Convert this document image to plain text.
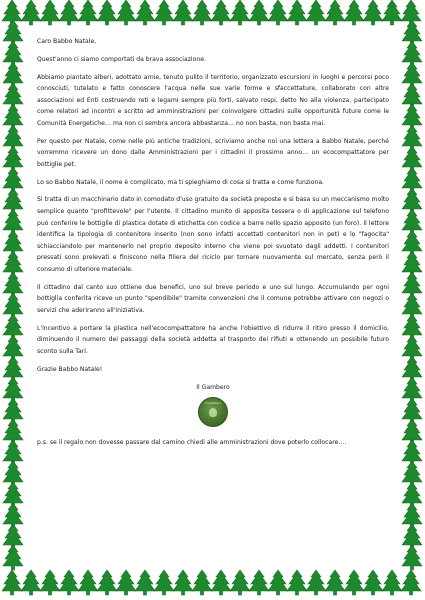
Caro Babbo Natale,

Quest'anno ci siamo comportati da brava associazione.

Abbiamo piantato alberi, adottato arnie, tenuto pulito il territorio, organizzato escursioni in luoghi e percorsi poco conosciuti, tutelato e fatto conoscere l'acqua nelle sue varie forme e sfaccettature, collaborato con altre associazioni ed Enti costruendo reti e legami sempre più forti, salvato rospi, detto No alla violenza, partecipato come relatori ad incontri e scritto ad amministrazioni per coinvolgere cittadini sulle opportunità future come le Comunità Energetiche… ma non ci sembra ancora abbastanza… no non basta, non basta mai.

Per questo per Natale, come nelle più antiche tradizioni, scriviamo anche noi una letterа a Babbo Natale, perché vorremmo ricevere un dono dalle Amministrazioni per i cittadini il prossimo anno… un ecocompattatore per bottiglie pet.

Lo so Babbo Natale, il nome è complicato, ma ti spieghiamo di cosa si tratta e come funziona.

Si tratta di un macchinario dato in comodato d'uso gratuito da società preposte e si basa su un meccanismo molto semplice quanto "profittevole" per l'utente. Il cittadino munito di apposita tessera o di applicazione sul telefono può conferire le bottiglie di plastica dotate di etichetta con codice a barre nello spazio apposito (un foro). Il lettore identifica la tipologia di contenitore inserito (non sono infatti accettati contenitori non in pet) e lo "fagocita" schiacciandolo per mantenerlo nel proprio deposito interno che viene poi svuotato dagli addetti. I contenitori pressati sono prelevati e finiscono nella filiera del riciclo per tornare nuovamente sul mercato, senza però il consumo di ulteriore materiale.

Il cittadino dal canto suo ottiene due benefici, uno sul breve periodo e uno sul lungo. Accumulando per ogni bottiglia conferita riceve un punto "spendibile" tramite convenzioni che il comune potrebbe attivare con negozi o servizi che aderiranno all'iniziativa.

L'incentivo a portare la plastica nell'ecocompattatore ha anche l'obiettivo di ridurre il ritiro presso il domicilio, diminuendo il numero dei passaggi della società addetta al trasporto dei rifiuti e ottenendo un possibile futuro sconto sulla Tari.

Grazie Babbo Natale!

Il Gambero

Il Gambero

p.s. se il regalo non dovesse passare dal camino chiedi alle amministrazioni dove poterlo collocare….
